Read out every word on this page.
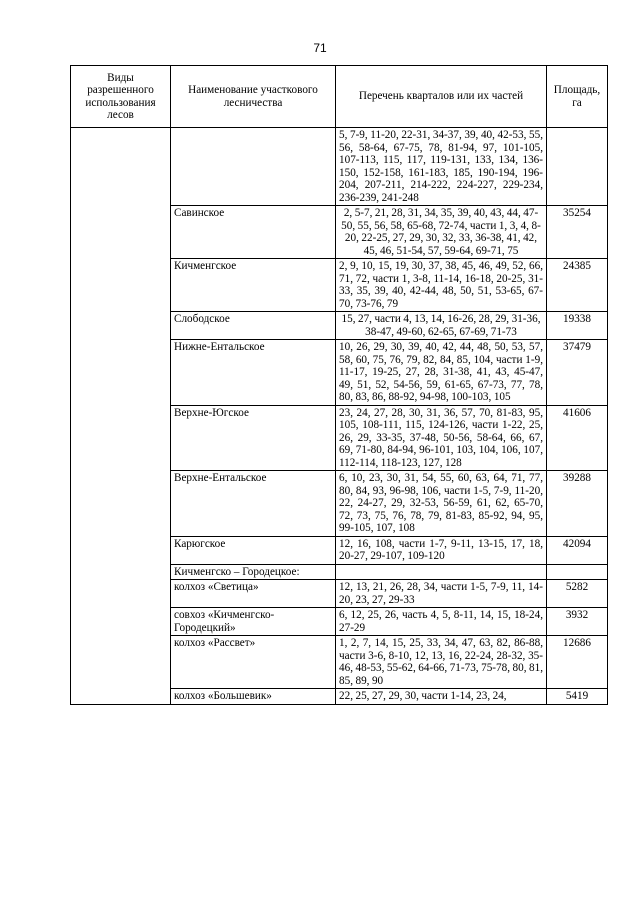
71
Виды разрешенного использования лесов	Наименование участкового лесничества	Перечень кварталов или их частей	Площадь, га
		5, 7-9, 11-20, 22-31, 34-37, 39, 40, 42-53, 55, 56, 58-64, 67-75, 78, 81-94, 97, 101-105, 107-113, 115, 117, 119-131, 133, 134, 136-150, 152-158, 161-183, 185, 190-194, 196-204, 207-211, 214-222, 224-227, 229-234, 236-239, 241-248	
	Савинское	2, 5-7, 21, 28, 31, 34, 35, 39, 40, 43, 44, 47-50, 55, 56, 58, 65-68, 72-74, части 1, 3, 4, 8-20, 22-25, 27, 29, 30, 32, 33, 36-38, 41, 42, 45, 46, 51-54, 57, 59-64, 69-71, 75	35254
	Кичменгское	2, 9, 10, 15, 19, 30, 37, 38, 45, 46, 49, 52, 66, 71, 72, части 1, 3-8, 11-14, 16-18, 20-25, 31-33, 35, 39, 40, 42-44, 48, 50, 51, 53-65, 67-70, 73-76, 79	24385
	Слободское	15, 27, части 4, 13, 14, 16-26, 28, 29, 31-36, 38-47, 49-60, 62-65, 67-69, 71-73	19338
	Нижне-Ентальское	10, 26, 29, 30, 39, 40, 42, 44, 48, 50, 53, 57, 58, 60, 75, 76, 79, 82, 84, 85, 104, части 1-9, 11-17, 19-25, 27, 28, 31-38, 41, 43, 45-47, 49, 51, 52, 54-56, 59, 61-65, 67-73, 77, 78, 80, 83, 86, 88-92, 94-98, 100-103, 105	37479
	Верхне-Югское	23, 24, 27, 28, 30, 31, 36, 57, 70, 81-83, 95, 105, 108-111, 115, 124-126, части 1-22, 25, 26, 29, 33-35, 37-48, 50-56, 58-64, 66, 67, 69, 71-80, 84-94, 96-101, 103, 104, 106, 107, 112-114, 118-123, 127, 128	41606
	Верхне-Ентальское	6, 10, 23, 30, 31, 54, 55, 60, 63, 64, 71, 77, 80, 84, 93, 96-98, 106, части 1-5, 7-9, 11-20, 22, 24-27, 29, 32-53, 56-59, 61, 62, 65-70, 72, 73, 75, 76, 78, 79, 81-83, 85-92, 94, 95, 99-105, 107, 108	39288
	Карюгское	12, 16, 108, части 1-7, 9-11, 13-15, 17, 18, 20-27, 29-107, 109-120	42094
	Кичменгско – Городецкое:		
	колхоз «Светица»	12, 13, 21, 26, 28, 34, части 1-5, 7-9, 11, 14-20, 23, 27, 29-33	5282
	совхоз «Кичменгско-Городецкий»	6, 12, 25, 26, часть 4, 5, 8-11, 14, 15, 18-24, 27-29	3932
	колхоз «Рассвет»	1, 2, 7, 14, 15, 25, 33, 34, 47, 63, 82, 86-88, части 3-6, 8-10, 12, 13, 16, 22-24, 28-32, 35-46, 48-53, 55-62, 64-66, 71-73, 75-78, 80, 81, 85, 89, 90	12686
	колхоз «Большевик»	22, 25, 27, 29, 30, части 1-14, 23, 24,	5419
